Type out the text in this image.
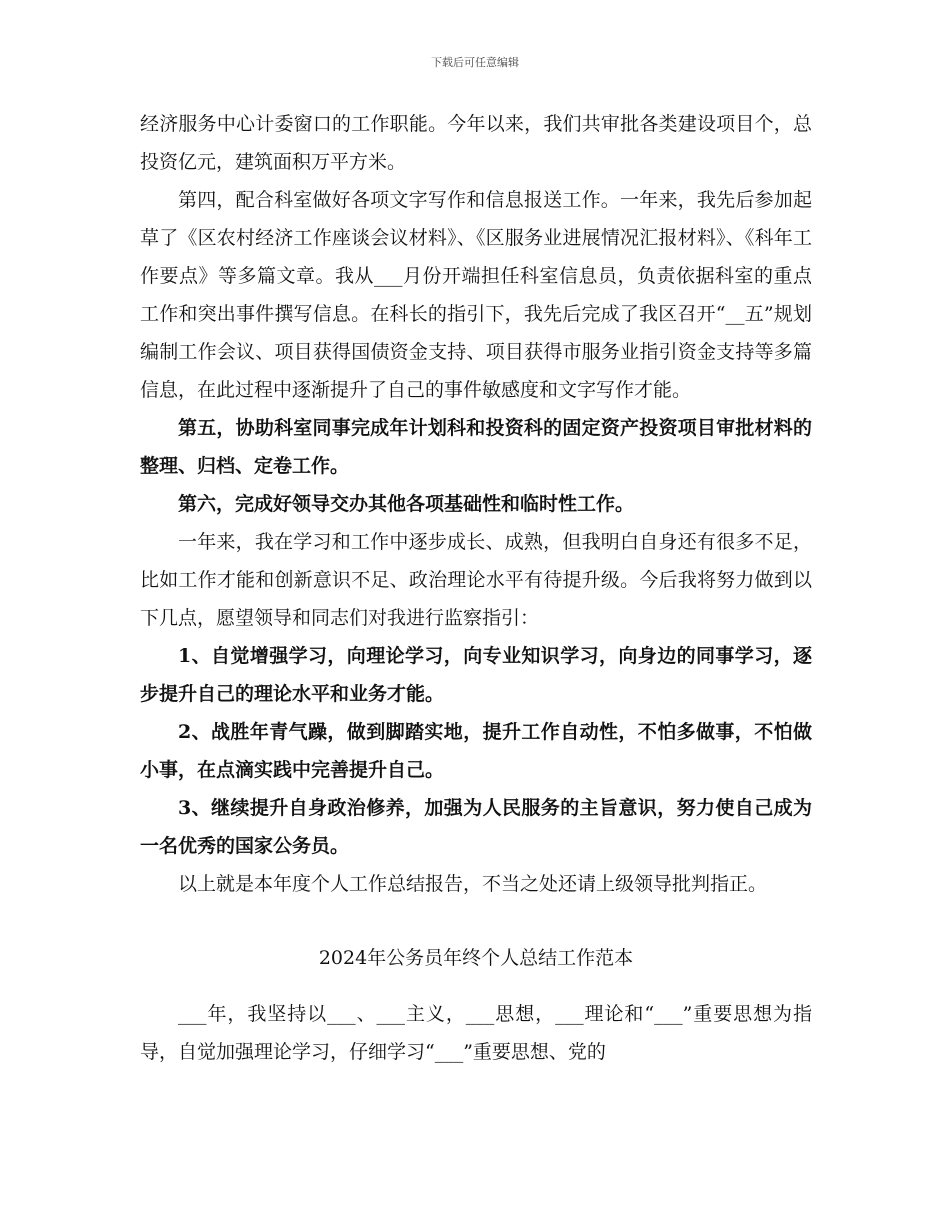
下载后可任意编辑

经济服务中心计委窗口的工作职能。今年以来，我们共审批各类建设项目个，总投资亿元，建筑面积万平方米。

第四，配合科室做好各项文字写作和信息报送工作。一年来，我先后参加起草了《区农村经济工作座谈会议材料》、《区服务业进展情况汇报材料》、《科年工作要点》等多篇文章。我从___月份开端担任科室信息员，负责依据科室的重点工作和突出事件撰写信息。在科长的指引下，我先后完成了我区召开“__五”规划编制工作会议、项目获得国债资金支持、项目获得市服务业指引资金支持等多篇信息，在此过程中逐渐提升了自己的事件敏感度和文字写作才能。

第五，协助科室同事完成年计划科和投资科的固定资产投资项目审批材料的整理、归档、定卷工作。

第六，完成好领导交办其他各项基础性和临时性工作。

一年来，我在学习和工作中逐步成长、成熟，但我明白自身还有很多不足，比如工作才能和创新意识不足、政治理论水平有待提升级。今后我将努力做到以下几点，愿望领导和同志们对我进行监察指引：

1、自觉增强学习，向理论学习，向专业知识学习，向身边的同事学习，逐步提升自己的理论水平和业务才能。

2、战胜年青气躁，做到脚踏实地，提升工作自动性，不怕多做事，不怕做小事，在点滴实践中完善提升自己。

3、继续提升自身政治修养，加强为人民服务的主旨意识，努力使自己成为一名优秀的国家公务员。

以上就是本年度个人工作总结报告，不当之处还请上级领导批判指正。

2024年公务员年终个人总结工作范本

___年，我坚持以___、___主义，___思想，___理论和“___”重要思想为指导，自觉加强理论学习，仔细学习“___”重要思想、党的
